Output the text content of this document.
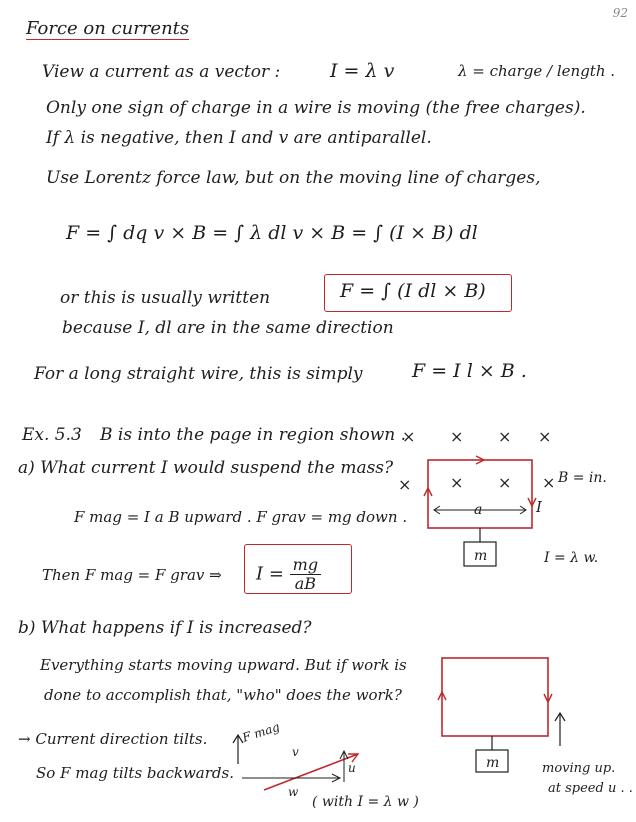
92
Force on currents
View a current as a vector :	I = λ v	λ = charge / length .
Only one sign of charge in a wire is moving (the free charges).
If λ is negative, then I and v are antiparallel.
Use Lorentz force law, but on the moving line of charges,
F = ∫ dq v × B = ∫ λ dl v × B = ∫ (I × B) dl
or this is usually written	F = ∫ (I dl × B)
because I, dl are in the same direction
For a long straight wire, this is simply	F = I l × B .
Ex. 5.3 B is into the page in region shown .
a) What current I would suspend the mass?
F mag = I a B upward . F grav = mg down .
Then F mag = F grav ⇒ $I = \frac{mg}{aB}$
b) What happens if I is increased?
Everything starts moving upward. But if work is
done to accomplish that, "who" does the work?
→ Current direction tilts.
So F mag tilts backwards.
× × × ×
× × × × B = in.
a	I
m	I = λ w.
m	moving up.
at speed u . .
F mag
v
w
u
( with I = λ w )
